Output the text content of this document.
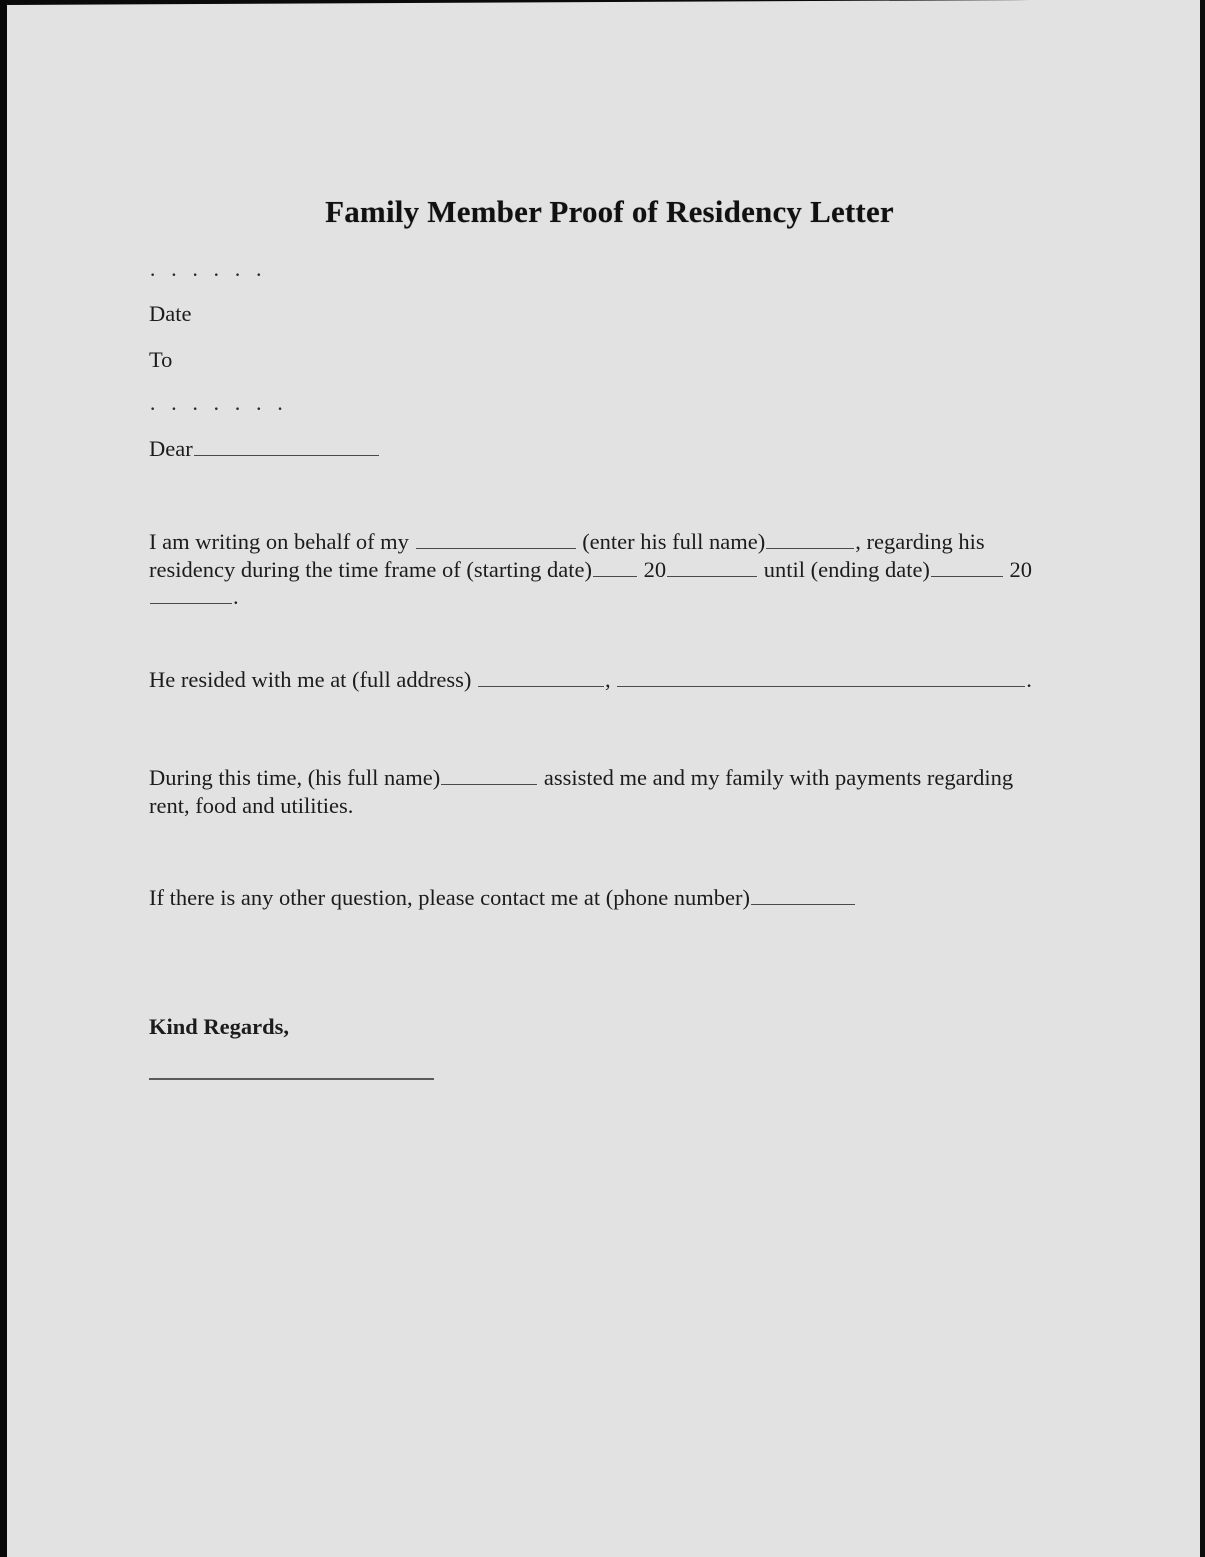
Family Member Proof of Residency Letter
· · · · · ·
Date
To
· · · · · · ·
Dear
I am writing on behalf of my	(enter his full name)	, regarding his residency during the time frame of (starting date) 20	until (ending date)	20.
He resided with me at (full address)	,	.
During this time, (his full name)	assisted me and my family with payments regarding rent, food and utilities.
If there is any other question, please contact me at (phone number)
Kind Regards,
